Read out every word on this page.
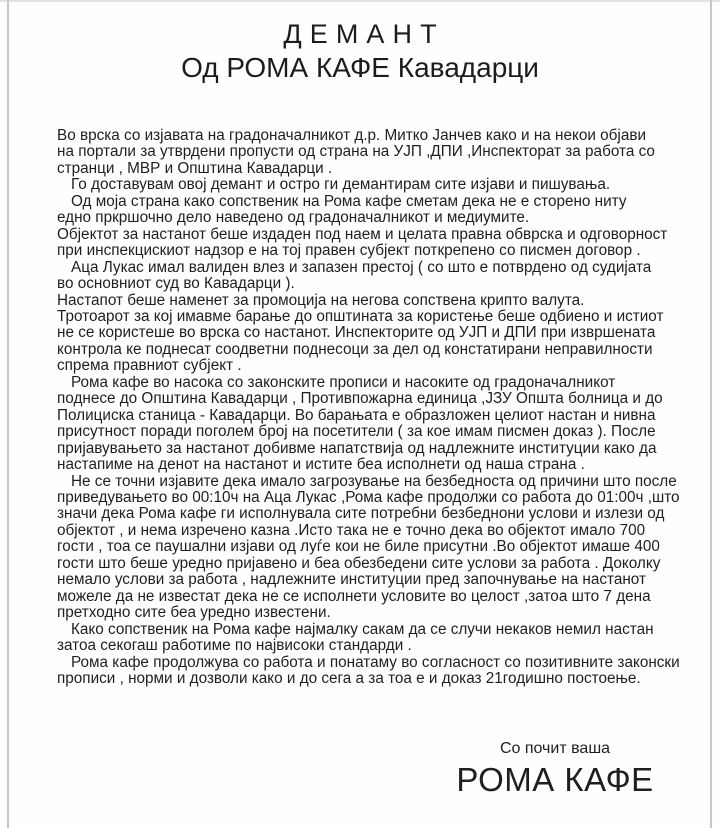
ДЕМАНТ
Од РОМА КАФЕ Кавадарци
Во врска со изјавата на градоначалникот д.р. Митко Јанчев како и на некои објави
на портали за утврдени пропусти од страна на УЈП ,ДПИ ,Инспекторат за работа со
странци , МВР и Општина Кавадарци .
Го доставувам овој демант и остро ги демантирам сите изјави и пишувања.
Од моја страна како сопственик на Рома кафе сметам дека не е сторено ниту
едно пркршочно дело наведено од градоначалникот и медиумите.
Објектот за настанот беше издаден под наем и целата правна обврска и одговорност
при инспекцискиот надзор е на тој правен субјект поткрепено со писмен договор .
Аца Лукас имал валиден влез и запазен престој ( со што е потврдено од судијата
во основниот суд во Кавадарци ).
Настапот беше наменет за промоција на негова сопствена крипто валута.
Тротоарот за кој имавме барање до општината за користење беше одбиено и истиот
не се користеше во врска со настанот. Инспекторите од УЈП и ДПИ при извршената
контрола ке поднесат соодветни поднесоци за дел од констатирани неправилности
спрема правниот субјект .
Рома кафе во насока со законските прописи и насоките од градоначалникот
поднесе до Општина Кавадарци , Противпожарна единица ,ЈЗУ Општа болница и до
Полициска станица - Кавадарци. Во барањата е образложен целиот настан и нивна
присутност поради поголем број на посетители ( за кое имам писмен доказ ). После
пријавувањето за настанот добивме напатствија од надлежните институции како да
настапиме на денот на настанот и истите беа исполнети од наша страна .
Не се точни изјавите дека имало загрозување на безбедноста од причини што после
приведувањето во 00:10ч на Аца Лукас ,Рома кафе продолжи со работа до 01:00ч ,што
значи дека Рома кафе ги исполнувала сите потребни безбеднони услови и излези од
објектот , и нема изречено казна .Исто така не е точно дека во објектот имало 700
гости , тоа се паушални изјави од луѓе кои не биле присутни .Во објектот имаше 400
гости што беше уредно пријавено и беа обезбедени сите услови за работа . Доколку
немало услови за работа , надлежните институции пред започнување на настанот
можеле да не известат дека не се исполнети условите во целост ,затоа што 7 дена
претходно сите беа уредно известени.
Како сопственик на Рома кафе најмалку сакам да се случи некаков немил настан
затоа секогаш работиме по највисоки стандарди .
Рома кафе продолжува со работа и понатаму во согласност со позитивните законски
прописи , норми и дозволи како и до сега а за тоа е и доказ 21годишно постоење.
Со почит ваша
РОМА КАФЕ
